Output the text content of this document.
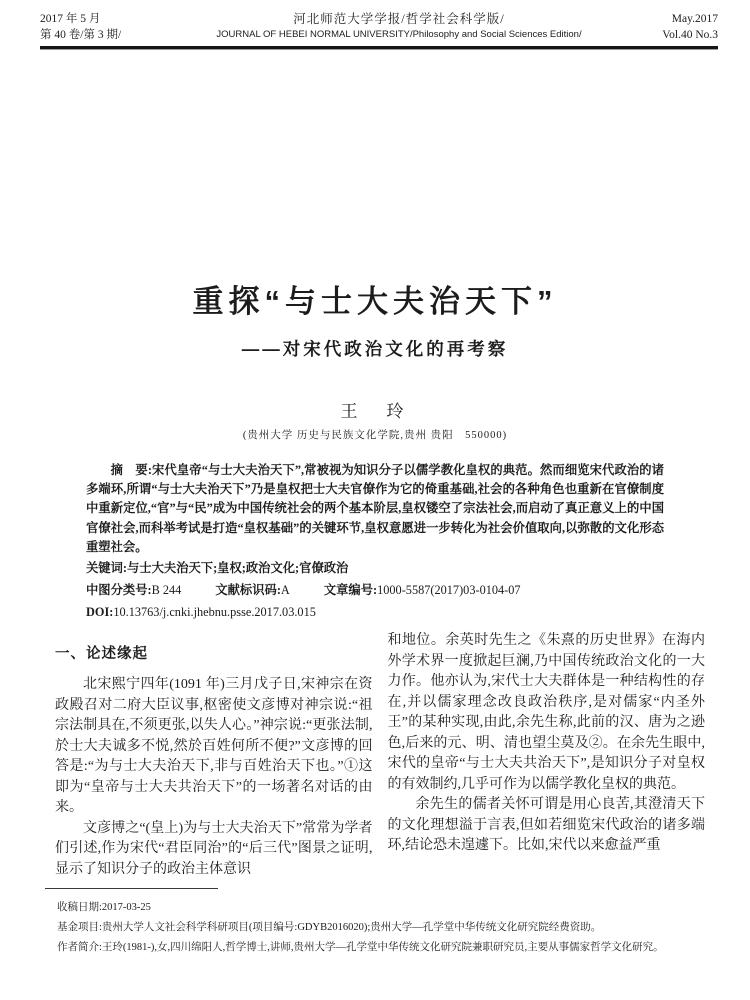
2017 年 5 月
第 40 卷/第 3 期/
河北师范大学学报/哲学社会科学版/
JOURNAL OF HEBEI NORMAL UNIVERSITY/Philosophy and Social Sciences Edition/
May.2017
Vol.40 No.3
重探“与士大夫治天下”
——对宋代政治文化的再考察
王　玲
(贵州大学 历史与民族文化学院,贵州 贵阳　550000)
摘　要:宋代皇帝“与士大夫治天下”,常被视为知识分子以儒学教化皇权的典范。然而细览宋代政治的诸多端环,所谓“与士大夫治天下”乃是皇权把士大夫官僚作为它的倚重基础,社会的各种角色也重新在官僚制度中重新定位,“官”与“民”成为中国传统社会的两个基本阶层,皇权镂空了宗法社会,而启动了真正意义上的中国官僚社会,而科举考试是打造“皇权基础”的关键环节,皇权意愿进一步转化为社会价值取向,以弥散的文化形态重塑社会。
关键词:与士大夫治天下;皇权;政治文化;官僚政治
中图分类号:B 244	文献标识码:A	文章编号:1000-5587(2017)03-0104-07
DOI:10.13763/j.cnki.jhebnu.psse.2017.03.015
一、论述缘起

北宋熙宁四年(1091 年)三月戊子日,宋神宗在资政殿召对二府大臣议事,枢密使文彦博对神宗说:“祖宗法制具在,不须更张,以失人心。”神宗说:“更张法制,於士大夫诚多不悦,然於百姓何所不便?”文彦博的回答是:“为与士大夫治天下,非与百姓治天下也。”①这即为“皇帝与士大夫共治天下”的一场著名对话的由来。

文彦博之“(皇上)为与士大夫治天下”常常为学者们引述,作为宋代“君臣同治”的“后三代”图景之证明,显示了知识分子的政治主体意识

和地位。余英时先生之《朱熹的历史世界》在海内外学术界一度掀起巨澜,乃中国传统政治文化的一大力作。他亦认为,宋代士大夫群体是一种结构性的存在,并以儒家理念改良政治秩序,是对儒家“内圣外王”的某种实现,由此,余先生称,此前的汉、唐为之逊色,后来的元、明、清也望尘莫及②。在余先生眼中,宋代的皇帝“与士大夫共治天下”,是知识分子对皇权的有效制约,几乎可作为以儒学教化皇权的典范。

余先生的儒者关怀可谓是用心良苦,其澄清天下的文化理想溢于言表,但如若细览宋代政治的诸多端环,结论恐未遑遽下。比如,宋代以来愈益严重

收稿日期:2017-03-25
基金项目:贵州大学人文社会科学科研项目(项目编号:GDYB2016020);贵州大学—孔学堂中华传统文化研究院经费资助。
作者简介:王玲(1981-),女,四川绵阳人,哲学博士,讲师,贵州大学—孔学堂中华传统文化研究院兼职研究员,主要从事儒家哲学文化研究。
